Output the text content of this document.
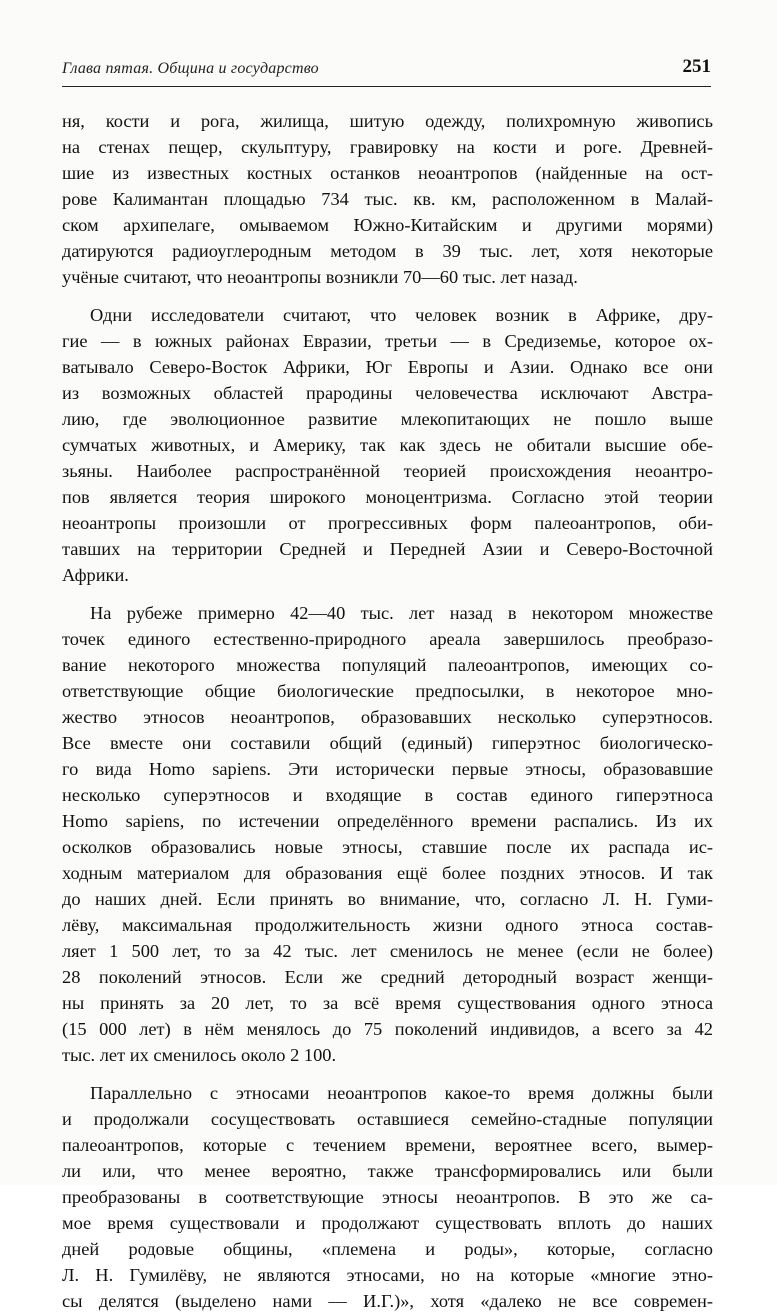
Глава пятая. Община и государство	251
ня, кости и рога, жилища, шитую одежду, полихромную живопись
на стенах пещер, скульптуру, гравировку на кости и роге. Древней-
шие из известных костных останков неоантропов (найденные на ост-
рове Калимантан площадью 734 тыс. кв. км, расположенном в Малай-
ском архипелаге, омываемом Южно-Китайским и другими морями)
датируются радиоуглеродным методом в 39 тыс. лет, хотя некоторые
учёные считают, что неоантропы возникли 70—60 тыс. лет назад.
Одни исследователи считают, что человек возник в Африке, дру-
гие — в южных районах Евразии, третьи — в Средиземье, которое ох-
ватывало Северо-Восток Африки, Юг Европы и Азии. Однако все они
из возможных областей прародины человечества исключают Австра-
лию, где эволюционное развитие млекопитающих не пошло выше
сумчатых животных, и Америку, так как здесь не обитали высшие обе-
зьяны. Наиболее распространённой теорией происхождения неоантро-
пов является теория широкого моноцентризма. Согласно этой теории
неоантропы произошли от прогрессивных форм палеоантропов, оби-
тавших на территории Средней и Передней Азии и Северо-Восточной
Африки.
На рубеже примерно 42—40 тыс. лет назад в некотором множестве
точек единого естественно-природного ареала завершилось преобразо-
вание некоторого множества популяций палеоантропов, имеющих со-
ответствующие общие биологические предпосылки, в некоторое мно-
жество этносов неоантропов, образовавших несколько суперэтносов.
Все вместе они составили общий (единый) гиперэтнос биологическо-
го вида Homo sapiens. Эти исторически первые этносы, образовавшие
несколько суперэтносов и входящие в состав единого гиперэтноса
Homo sapiens, по истечении определённого времени распались. Из их
осколков образовались новые этносы, ставшие после их распада ис-
ходным материалом для образования ещё более поздних этносов. И так
до наших дней. Если принять во внимание, что, согласно Л. Н. Гуми-
лёву, максимальная продолжительность жизни одного этноса состав-
ляет 1 500 лет, то за 42 тыс. лет сменилось не менее (если не более)
28 поколений этносов. Если же средний детородный возраст женщи-
ны принять за 20 лет, то за всё время существования одного этноса
(15 000 лет) в нём менялось до 75 поколений индивидов, а всего за 42
тыс. лет их сменилось около 2 100.
Параллельно с этносами неоантропов какое-то время должны были
и продолжали сосуществовать оставшиеся семейно-стадные популяции
палеоантропов, которые с течением времени, вероятнее всего, вымер-
ли или, что менее вероятно, также трансформировались или были
преобразованы в соответствующие этносы неоантропов. В это же са-
мое время существовали и продолжают существовать вплоть до наших
дней родовые общины, «племена и роды», которые, согласно
Л. Н. Гумилёву, не являются этносами, но на которые «многие этно-
сы делятся (выделено нами — И.Г.)», хотя «далеко не все современ-
